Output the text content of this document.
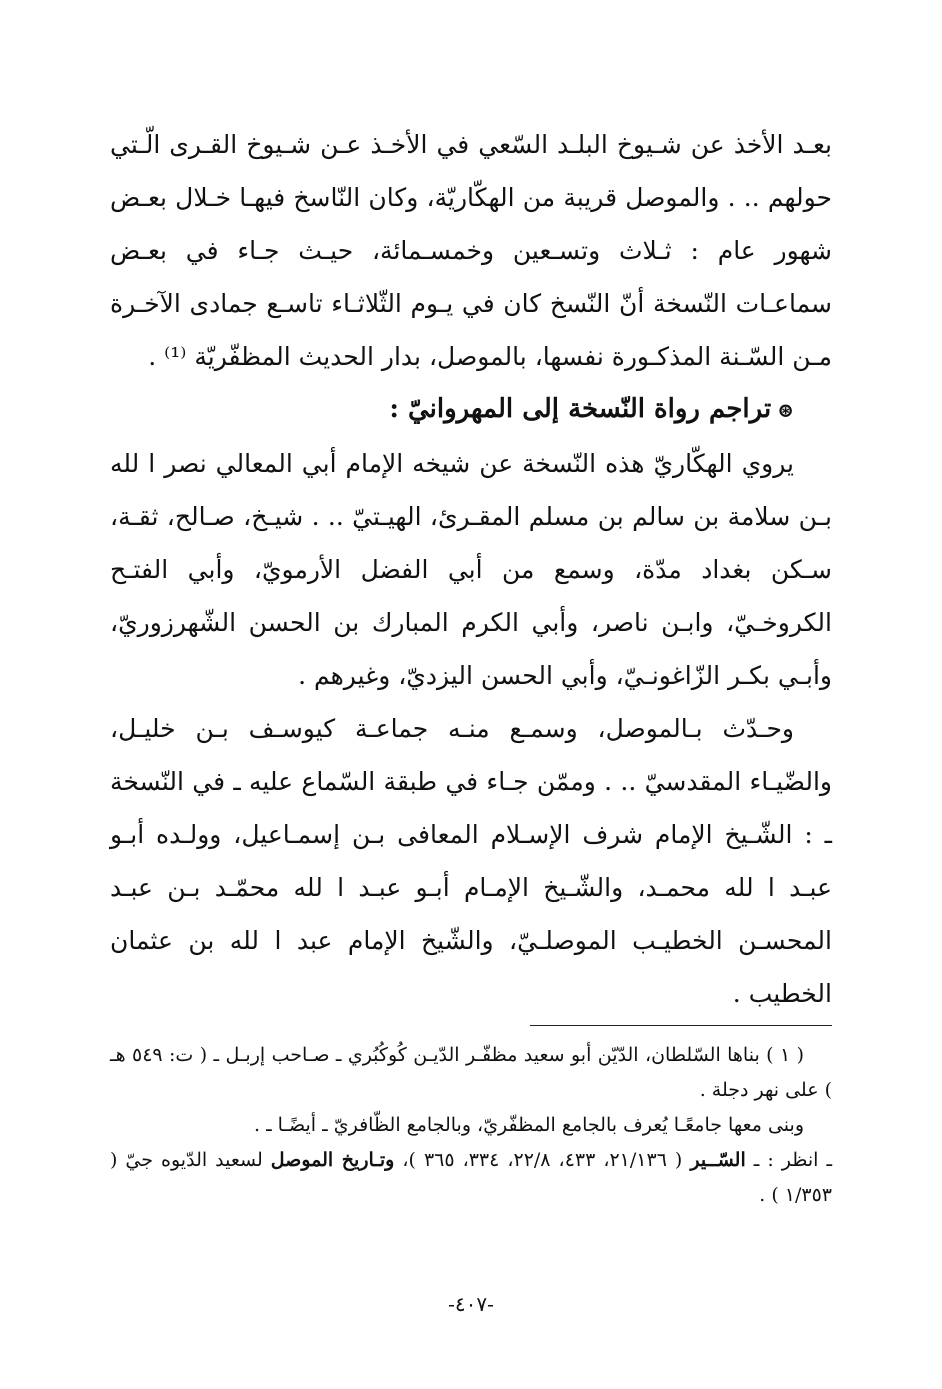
بعـد الأخذ عن شـيوخ البلـد السّعي في الأخـذ عـن شـيوخ القـرى الّـتي حولهم .. . والموصل قريبة من الهكّاريّة، وكان النّاسخ فيهـا خـلال بعـض شهور عام : ثـلاث وتسـعين وخمسـمائة، حيـث جـاء في بعـض سماعـات النّسخة أنّ النّسخ كان في يـوم الثّلاثـاء تاسـع جمادى الآخـرة مـن السّـنة المذكـورة نفسها، بالموصل، بدار الحديث المظفّريّة ⁽¹⁾ .

⊛تراجم رواة النّسخة إلى المهروانيّ :

يروي الهكّاريّ هذه النّسخة عن شيخه الإمام أبي المعالي نصر ا لله بـن سلامة بن سالم بن مسلم المقـرئ، الهيـتيّ .. . شيـخ، صـالح، ثقـة، سـكن بغداد مدّة، وسمع من أبي الفضل الأرمويّ، وأبي الفتـح الكروخـيّ، وابـن ناصر، وأبي الكرم المبارك بن الحسن الشّهرزوريّ، وأبـي بكـر الزّاغونـيّ، وأبي الحسن اليزديّ، وغيرهم .

وحـدّث بـالموصل، وسمـع منـه جماعـة كيوسـف بـن خليـل، والضّيـاء المقدسيّ .. . وممّن جـاء في طبقة السّماع عليه ـ في النّسخة ـ : الشّـيخ الإمام شرف الإسـلام المعافى بـن إسمـاعيل، وولـده أبـو عبـد ا لله محمـد، والشّـيخ الإمـام أبـو عبـد ا لله محمّـد بـن عبـد المحسـن الخطيـب الموصلـيّ، والشّيخ الإمام عبد ا لله بن عثمان الخطيب .

( ١ ) بناها السّلطان، الدّيّن أبو سعيد مظفّـر الدّيـن كُوكُبُري ـ صـاحب إربـل ـ ( ت: ٥٤٩ هـ ) على نهر دجلة .

وبنى معها جامعًـا يُعرف بالجامع المظفّريّ، وبالجامع الظّافريّ ـ أيضًـا ـ .

ـ انظر : ـ السّــير ( ٢١/١٣٦، ٤٣٣، ٢٢/٨، ٣٣٤، ٣٦٥ )، وتـاريخ الموصل لسعيد الدّيوه جيّ ( ١/٣٥٣ ) .

-٤٠٧-
